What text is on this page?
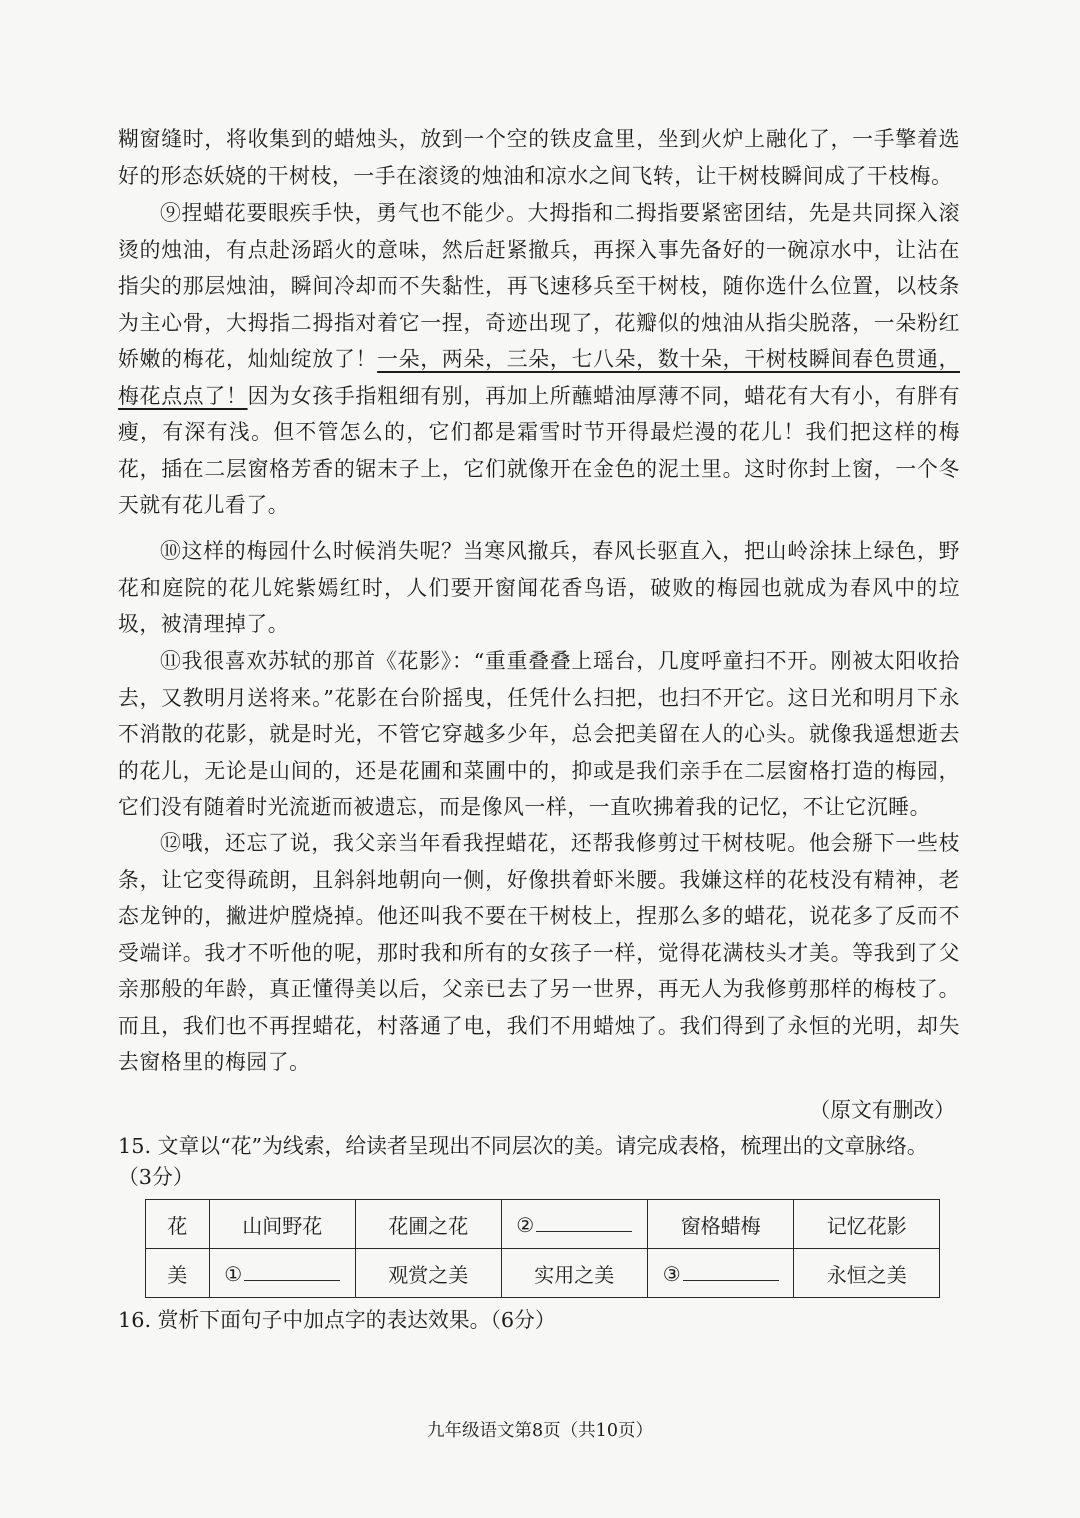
糊窗缝时，将收集到的蜡烛头，放到一个空的铁皮盒里，坐到火炉上融化了，一手擎着选好的形态妖娆的干树枝，一手在滚烫的烛油和凉水之间飞转，让干树枝瞬间成了干枝梅。

⑨捏蜡花要眼疾手快，勇气也不能少。大拇指和二拇指要紧密团结，先是共同探入滚烫的烛油，有点赴汤蹈火的意味，然后赶紧撤兵，再探入事先备好的一碗凉水中，让沾在指尖的那层烛油，瞬间冷却而不失黏性，再飞速移兵至干树枝，随你选什么位置，以枝条为主心骨，大拇指二拇指对着它一捏，奇迹出现了，花瓣似的烛油从指尖脱落，一朵粉红娇嫩的梅花，灿灿绽放了！一朵，两朵，三朵，七八朵，数十朵，干树枝瞬间春色贯通，梅花点点了！因为女孩手指粗细有别，再加上所蘸蜡油厚薄不同，蜡花有大有小，有胖有瘦，有深有浅。但不管怎么的，它们都是霜雪时节开得最烂漫的花儿！我们把这样的梅花，插在二层窗格芳香的锯末子上，它们就像开在金色的泥土里。这时你封上窗，一个冬天就有花儿看了。

⑩这样的梅园什么时候消失呢？当寒风撤兵，春风长驱直入，把山岭涂抹上绿色，野花和庭院的花儿姹紫嫣红时，人们要开窗闻花香鸟语，破败的梅园也就成为春风中的垃圾，被清理掉了。

⑪我很喜欢苏轼的那首《花影》：“重重叠叠上瑶台，几度呼童扫不开。刚被太阳收拾去，又教明月送将来。”花影在台阶摇曳，任凭什么扫把，也扫不开它。这日光和明月下永不消散的花影，就是时光，不管它穿越多少年，总会把美留在人的心头。就像我遥想逝去的花儿，无论是山间的，还是花圃和菜圃中的，抑或是我们亲手在二层窗格打造的梅园，它们没有随着时光流逝而被遗忘，而是像风一样，一直吹拂着我的记忆，不让它沉睡。

⑫哦，还忘了说，我父亲当年看我捏蜡花，还帮我修剪过干树枝呢。他会掰下一些枝条，让它变得疏朗，且斜斜地朝向一侧，好像拱着虾米腰。我嫌这样的花枝没有精神，老态龙钟的，撇进炉膛烧掉。他还叫我不要在干树枝上，捏那么多的蜡花，说花多了反而不受端详。我才不听他的呢，那时我和所有的女孩子一样，觉得花满枝头才美。等我到了父亲那般的年龄，真正懂得美以后，父亲已去了另一世界，再无人为我修剪那样的梅枝了。而且，我们也不再捏蜡花，村落通了电，我们不用蜡烛了。我们得到了永恒的光明，却失去窗格里的梅园了。

（原文有删改）

15. 文章以“花”为线索，给读者呈现出不同层次的美。请完成表格，梳理出的文章脉络。

（3分）

花	山间野花	花圃之花	②	窗格蜡梅	记忆花影
美	①	观赏之美	实用之美	③	永恒之美

16. 赏析下面句子中加点字的表达效果。（6分）

九年级语文第8页（共10页）
